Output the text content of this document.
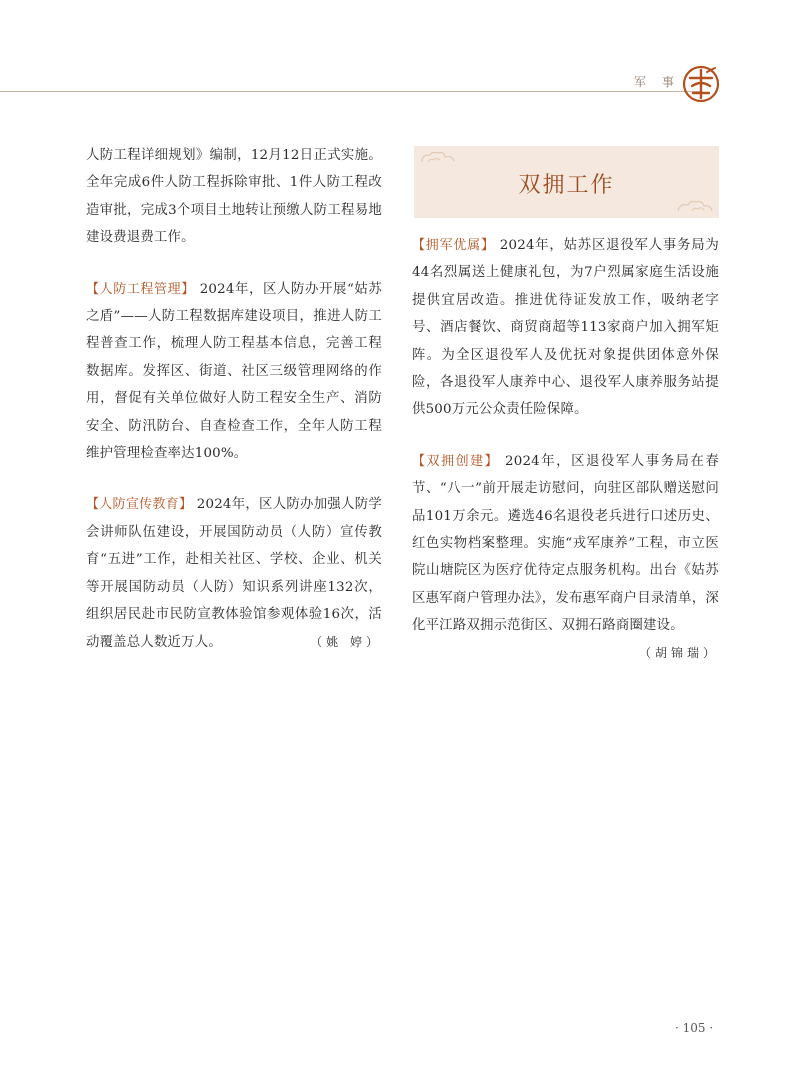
军 事

人防工程详细规划》编制，12月12日正式实施。全年完成6件人防工程拆除审批、1件人防工程改造审批，完成3个项目土地转让预缴人防工程易地建设费退费工作。

【人防工程管理】 2024年，区人防办开展“姑苏之盾”——人防工程数据库建设项目，推进人防工程普查工作，梳理人防工程基本信息，完善工程数据库。发挥区、街道、社区三级管理网络的作用，督促有关单位做好人防工程安全生产、消防安全、防汛防台、自查检查工作，全年人防工程维护管理检查率达100%。

【人防宣传教育】 2024年，区人防办加强人防学会讲师队伍建设，开展国防动员（人防）宣传教育“五进”工作，赴相关社区、学校、企业、机关等开展国防动员（人防）知识系列讲座132次，组织居民赴市民防宣教体验馆参观体验16次，活动覆盖总人数近万人。	（姚 婷）

双拥工作

【拥军优属】 2024年，姑苏区退役军人事务局为44名烈属送上健康礼包，为7户烈属家庭生活设施提供宜居改造。推进优待证发放工作，吸纳老字号、酒店餐饮、商贸商超等113家商户加入拥军矩阵。为全区退役军人及优抚对象提供团体意外保险，各退役军人康养中心、退役军人康养服务站提供500万元公众责任险保障。

【双拥创建】 2024年，区退役军人事务局在春节、“八一”前开展走访慰问，向驻区部队赠送慰问品101万余元。遴选46名退役老兵进行口述历史、红色实物档案整理。实施“戎军康养”工程，市立医院山塘院区为医疗优待定点服务机构。出台《姑苏区惠军商户管理办法》，发布惠军商户目录清单，深化平江路双拥示范街区、双拥石路商圈建设。
（胡锦瑞）

· 105 ·
